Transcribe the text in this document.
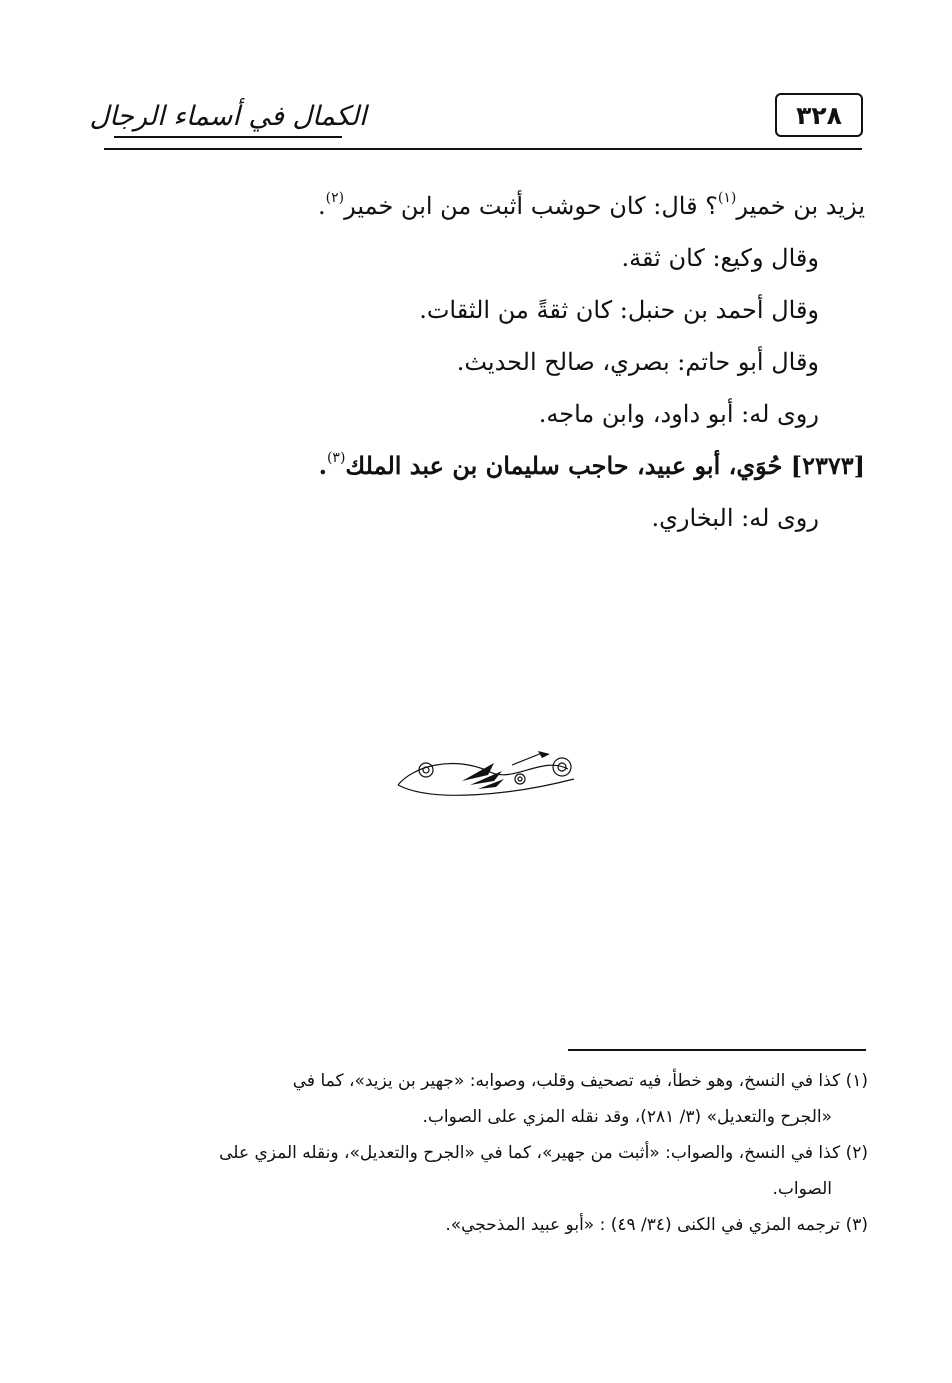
٣٢٨
الكمال في أسماء الرجال
يزيد بن خمير$^{(١)}$؟ قال: كان حوشب أثبت من ابن خمير$^{(٢)}$.
وقال وكيع: كان ثقة.
وقال أحمد بن حنبل: كان ثقةً من الثقات.
وقال أبو حاتم: بصري، صالح الحديث.
روى له: أبو داود، وابن ماجه.
[٢٣٧٣] حُوَي، أبو عبيد، حاجب سليمان بن عبد الملك$^{(٣)}$.
روى له: البخاري.
(١) كذا في النسخ، وهو خطأ، فيه تصحيف وقلب، وصوابه: «جهير بن يزيد»، كما في
«الجرح والتعديل» (٣/ ٢٨١)، وقد نقله المزي على الصواب.
(٢) كذا في النسخ، والصواب: «أثبت من جهير»، كما في «الجرح والتعديل»، ونقله المزي على
الصواب.
(٣) ترجمه المزي في الكنى (٣٤/ ٤٩) : «أبو عبيد المذحجي».
